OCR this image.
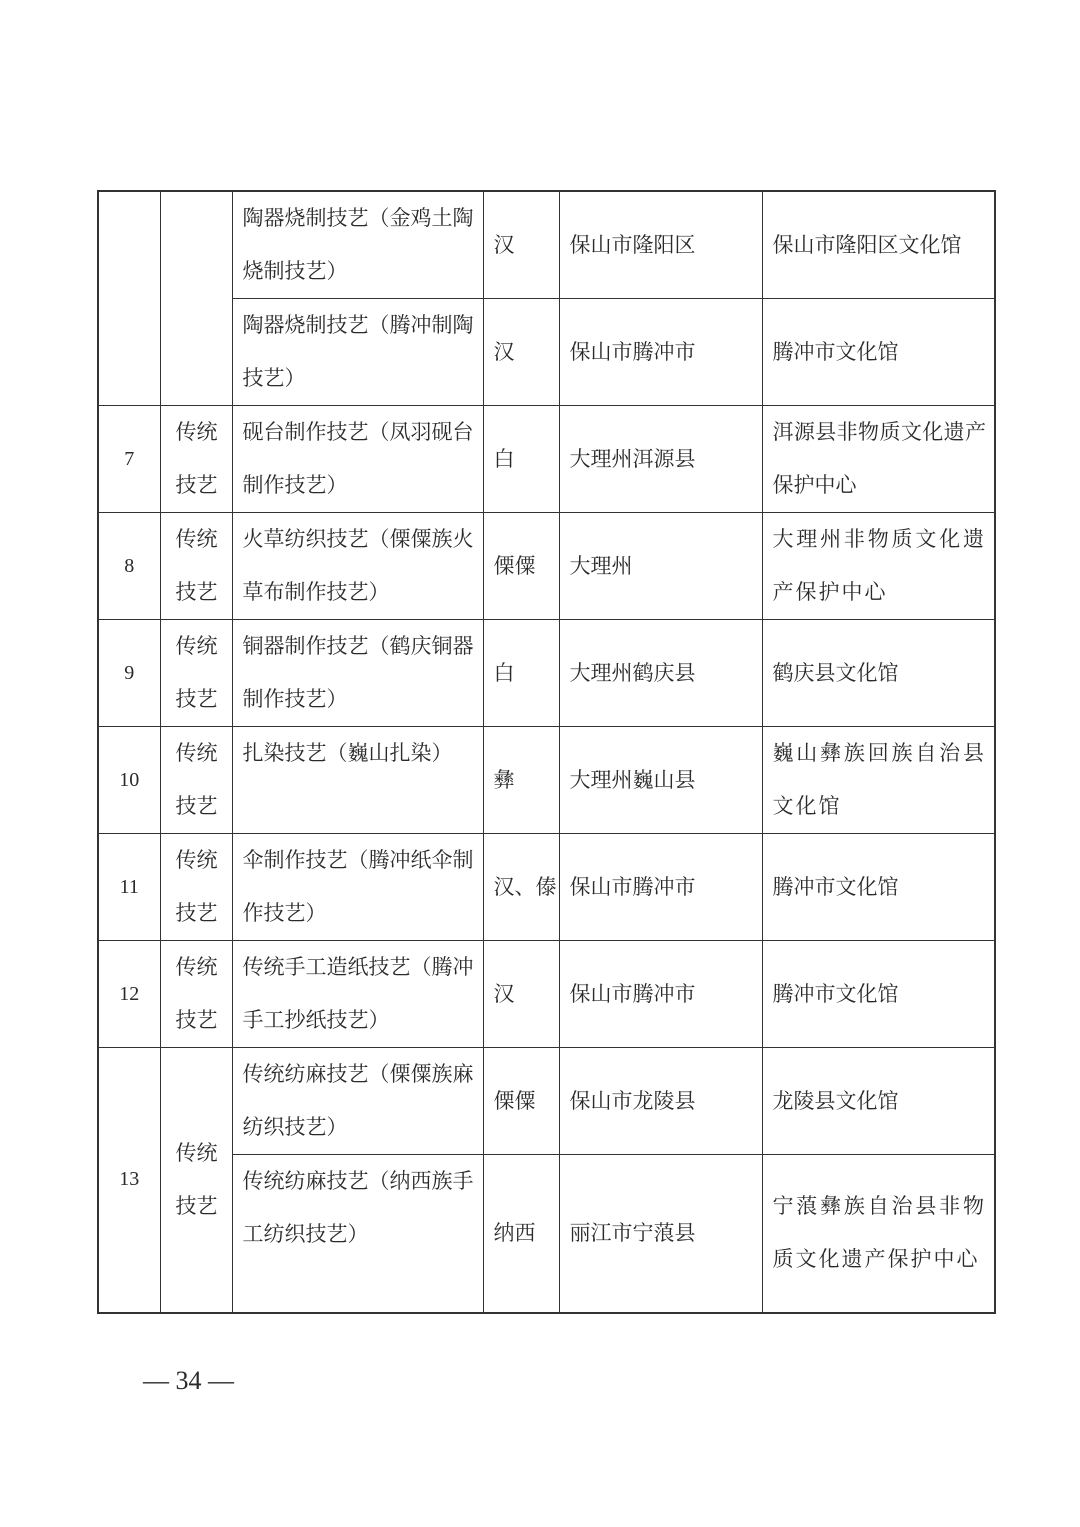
		陶器烧制技艺（金鸡土陶烧制技艺）	汉	保山市隆阳区	保山市隆阳区文化馆
		陶器烧制技艺（腾冲制陶技艺）	汉	保山市腾冲市	腾冲市文化馆
7	传统技艺	砚台制作技艺（凤羽砚台制作技艺）	白	大理州洱源县	洱源县非物质文化遗产保护中心
8	传统技艺	火草纺织技艺（傈僳族火草布制作技艺）	傈僳	大理州	大理州非物质文化遗产保护中心
9	传统技艺	铜器制作技艺（鹤庆铜器制作技艺）	白	大理州鹤庆县	鹤庆县文化馆
10	传统技艺	扎染技艺（巍山扎染）	彝	大理州巍山县	巍山彝族回族自治县文化馆
11	传统技艺	伞制作技艺（腾冲纸伞制作技艺）	汉、傣	保山市腾冲市	腾冲市文化馆
12	传统技艺	传统手工造纸技艺（腾冲手工抄纸技艺）	汉	保山市腾冲市	腾冲市文化馆
13	传统技艺	传统纺麻技艺（傈僳族麻纺织技艺）	傈僳	保山市龙陵县	龙陵县文化馆
		传统纺麻技艺（纳西族手工纺织技艺）	纳西	丽江市宁蒗县	宁蒗彝族自治县非物质文化遗产保护中心
— 34 —
